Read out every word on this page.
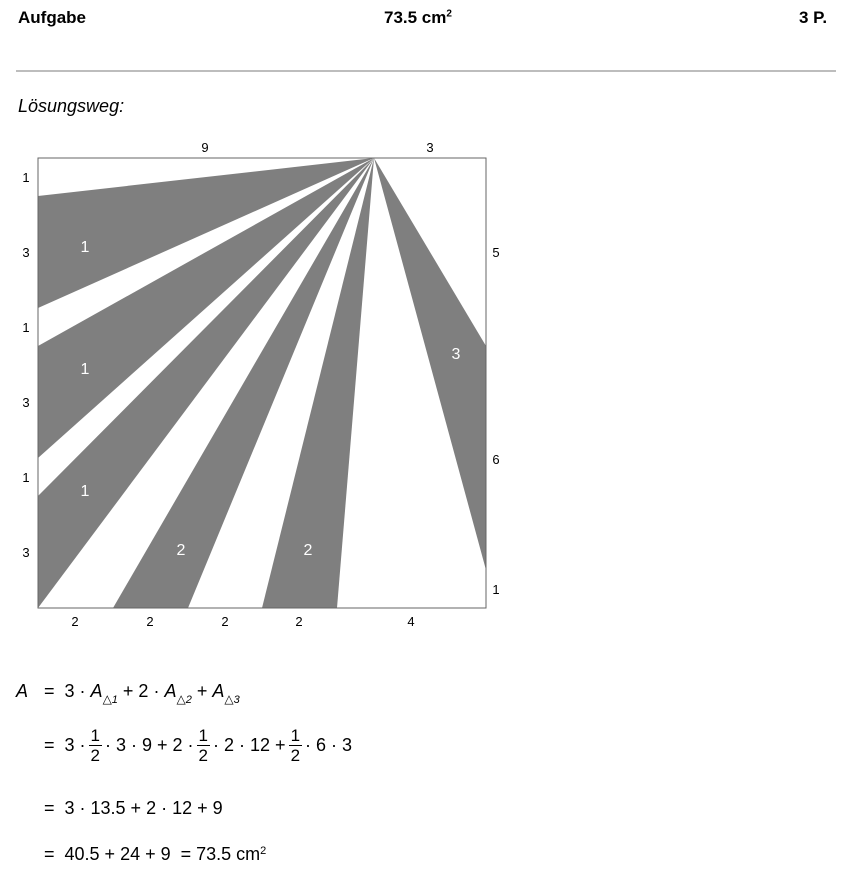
Aufgabe	73.5 $cm^2$	3 P.
Lösungsweg:
9	3
1
3
1
3
1
3
5
6
1
2	2	2	2	4
1
1
1
2	2
3
A = 3 · A △1 + 2 · A △2 + A △3
= $3 \cdot \frac{1}{2} \cdot 3 \cdot 9 + 2 \cdot \frac{1}{2} \cdot 2 \cdot 12 + \frac{1}{2} \cdot 6 \cdot 3$
= 3 · 13.5 + 2 · 12 + 9
= 40.5 + 24 + 9  = 73.5 $cm^2$
